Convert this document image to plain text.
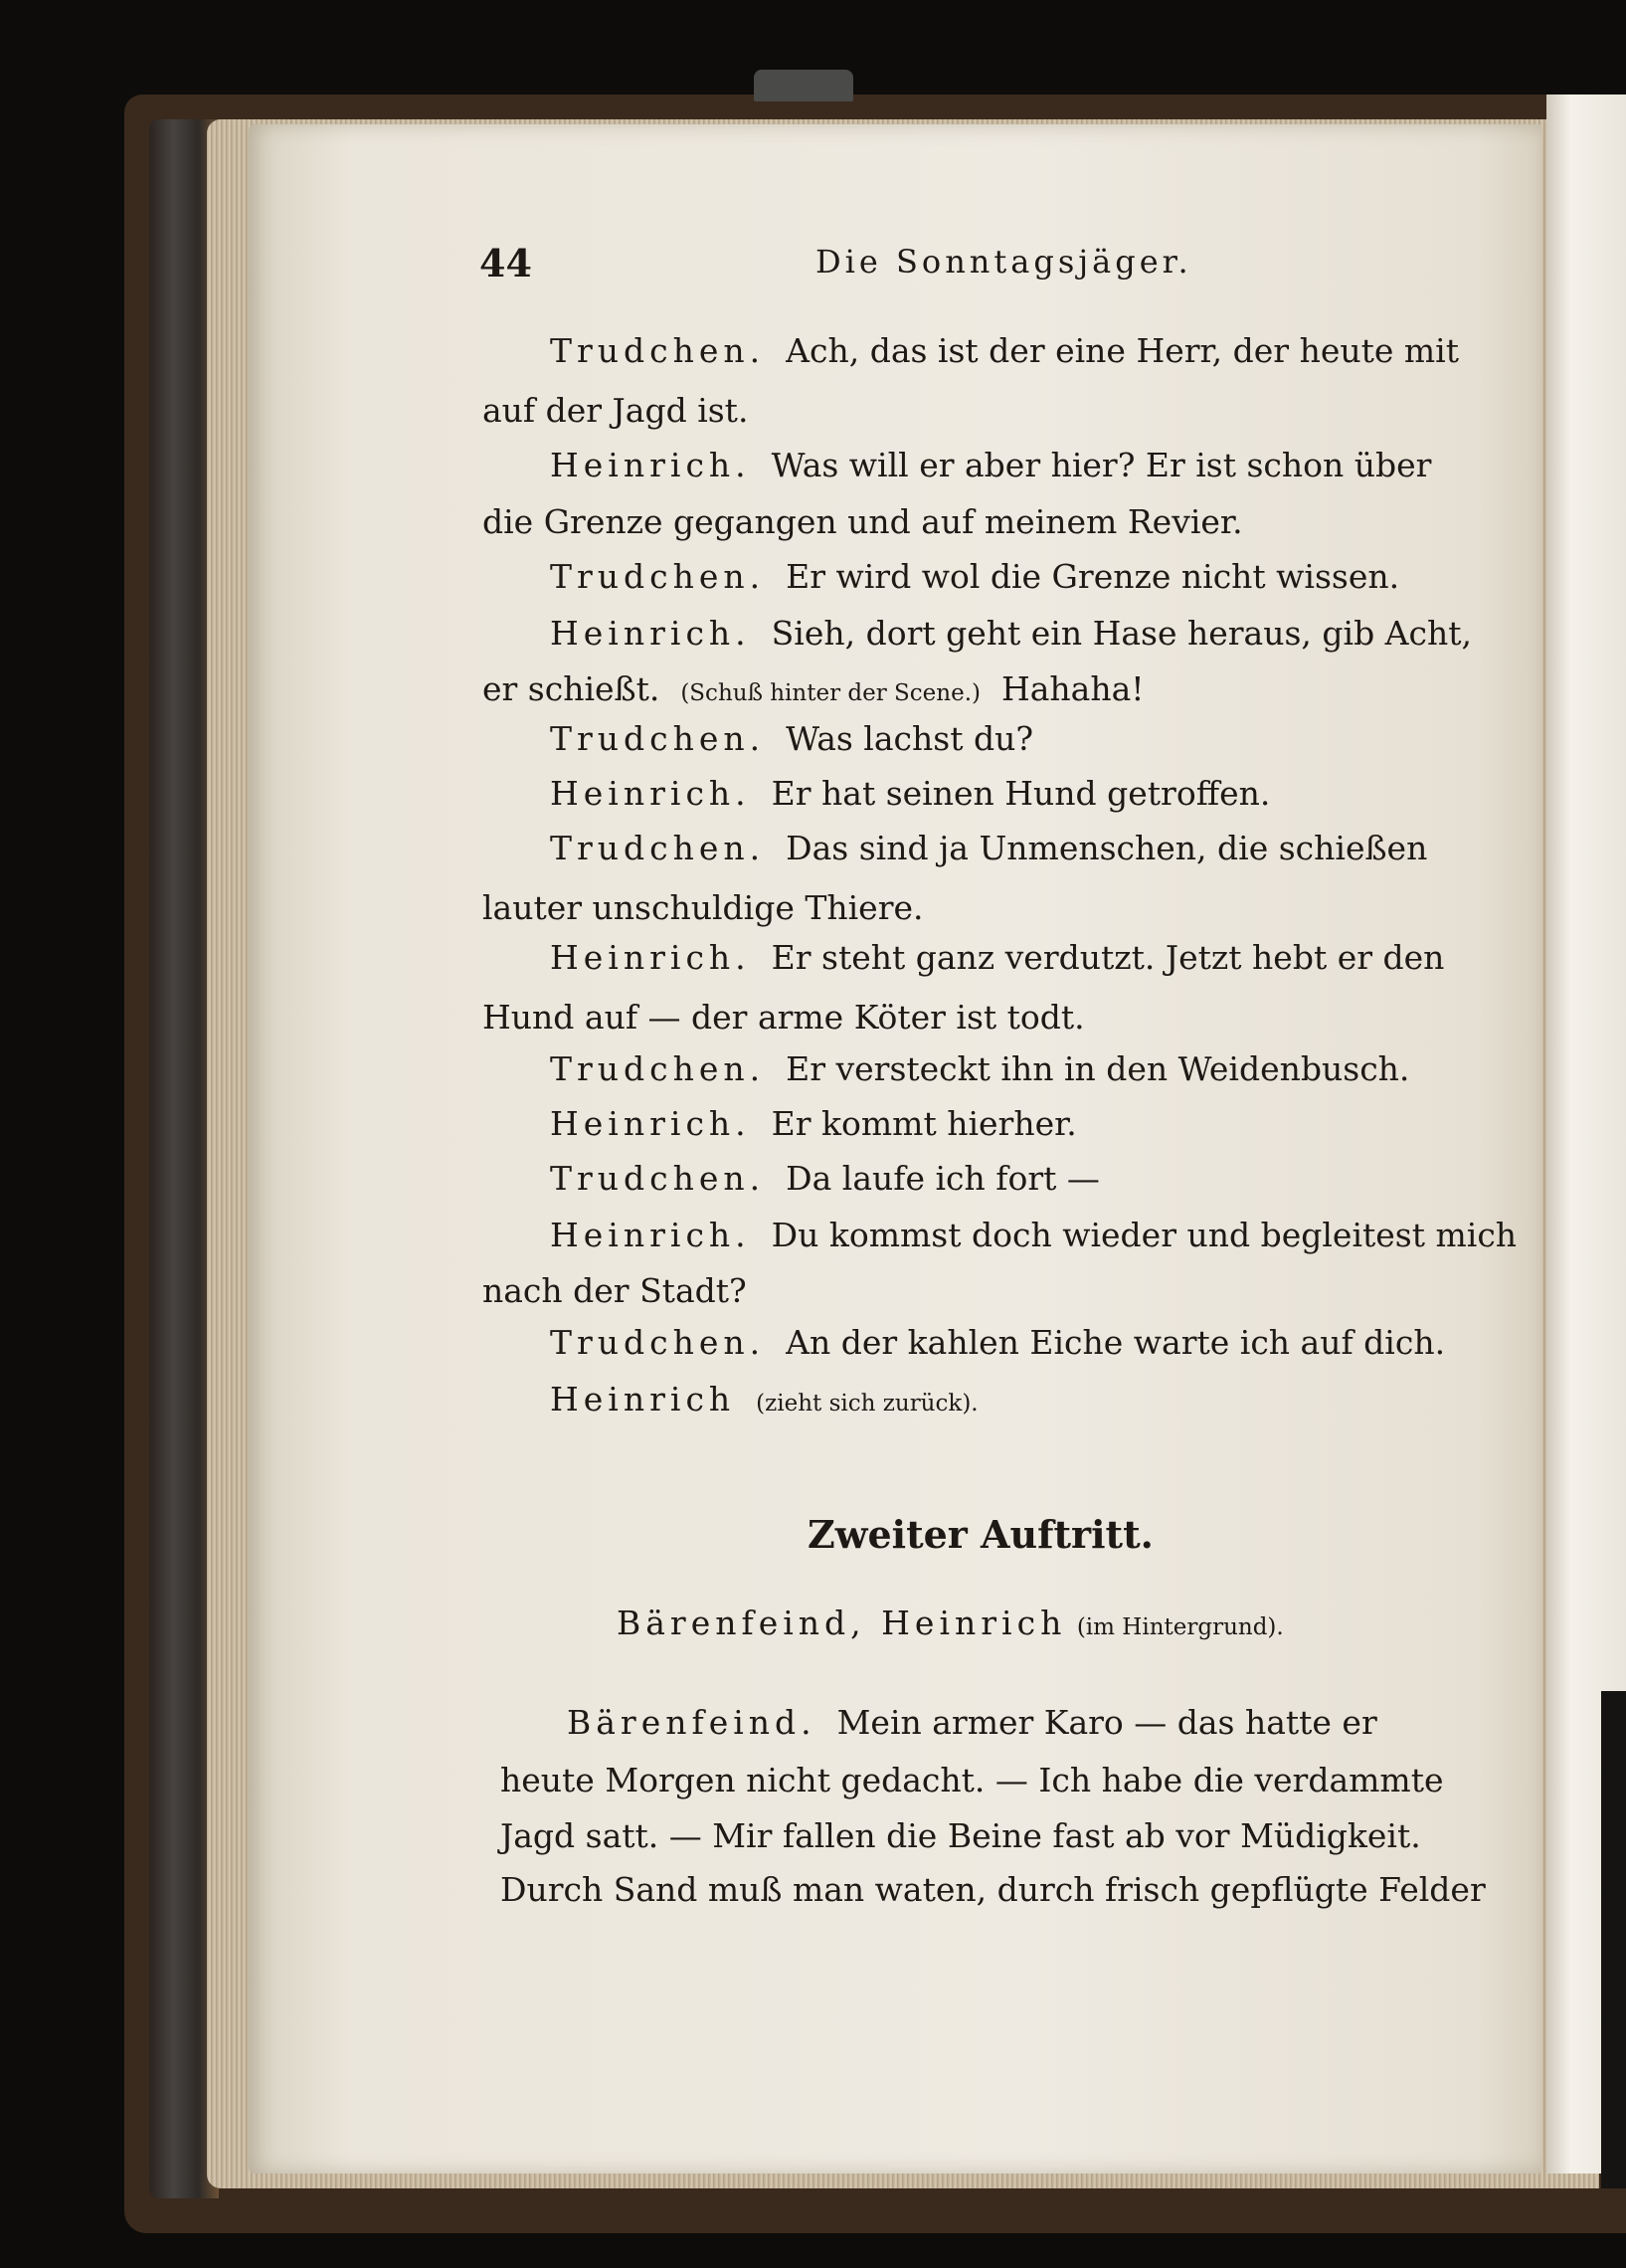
44	Die Sonntagsjäger.
Trudchen. Ach, das ist der eine Herr, der heute mit
auf der Jagd ist.
Heinrich. Was will er aber hier? Er ist schon über
die Grenze gegangen und auf meinem Revier.
Trudchen. Er wird wol die Grenze nicht wissen.
Heinrich. Sieh, dort geht ein Hase heraus, gib Acht,
er schießt. (Schuß hinter der Scene.) Hahaha!
Trudchen. Was lachst du?
Heinrich. Er hat seinen Hund getroffen.
Trudchen. Das sind ja Unmenschen, die schießen
lauter unschuldige Thiere.
Heinrich. Er steht ganz verdutzt. Jetzt hebt er den
Hund auf — der arme Köter ist todt.
Trudchen. Er versteckt ihn in den Weidenbusch.
Heinrich. Er kommt hierher.
Trudchen. Da laufe ich fort —
Heinrich. Du kommst doch wieder und begleitest mich
nach der Stadt?
Trudchen. An der kahlen Eiche warte ich auf dich.
Heinrich (zieht sich zurück).
Zweiter Auftritt.
Bärenfeind, Heinrich (im Hintergrund).
Bärenfeind. Mein armer Karo — das hatte er
heute Morgen nicht gedacht. — Ich habe die verdammte
Jagd satt. — Mir fallen die Beine fast ab vor Müdigkeit.
Durch Sand muß man waten, durch frisch gepflügte Felder
